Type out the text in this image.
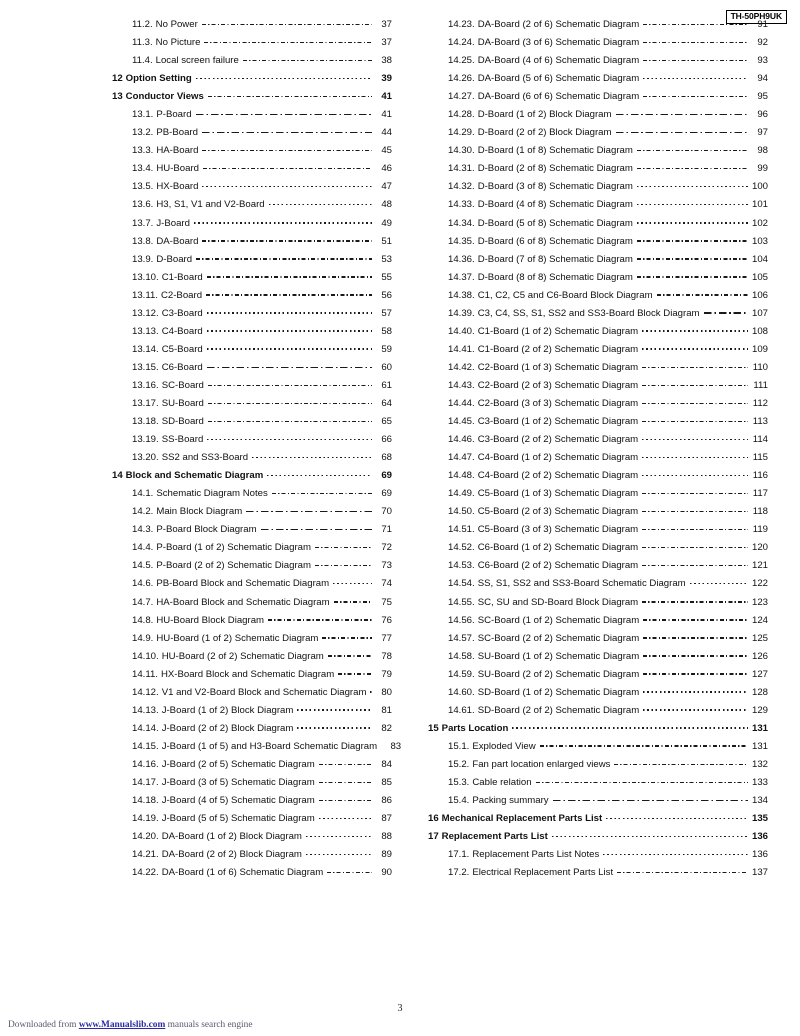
TH-50PH9UK
11.2. No Power	37
11.3. No Picture	37
11.4. Local screen failure	38
12 Option Setting	39
13 Conductor Views	41
13.1. P-Board	41
13.2. PB-Board	44
13.3. HA-Board	45
13.4. HU-Board	46
13.5. HX-Board	47
13.6. H3, S1, V1 and V2-Board	48
13.7. J-Board	49
13.8. DA-Board	51
13.9. D-Board	53
13.10. C1-Board	55
13.11. C2-Board	56
13.12. C3-Board	57
13.13. C4-Board	58
13.14. C5-Board	59
13.15. C6-Board	60
13.16. SC-Board	61
13.17. SU-Board	64
13.18. SD-Board	65
13.19. SS-Board	66
13.20. SS2 and SS3-Board	68
14 Block and Schematic Diagram	69
14.1. Schematic Diagram Notes	69
14.2. Main Block Diagram	70
14.3. P-Board Block Diagram	71
14.4. P-Board (1 of 2) Schematic Diagram	72
14.5. P-Board (2 of 2) Schematic Diagram	73
14.6. PB-Board Block and Schematic Diagram	74
14.7. HA-Board Block and Schematic Diagram	75
14.8. HU-Board Block Diagram	76
14.9. HU-Board (1 of 2) Schematic Diagram	77
14.10. HU-Board (2 of 2) Schematic Diagram	78
14.11. HX-Board Block and Schematic Diagram	79
14.12. V1 and V2-Board Block and Schematic Diagram	80
14.13. J-Board (1 of 2) Block Diagram	81
14.14. J-Board (2 of 2) Block Diagram	82
14.15. J-Board (1 of 5) and H3-Board Schematic Diagram	83
14.16. J-Board (2 of 5) Schematic Diagram	84
14.17. J-Board (3 of 5) Schematic Diagram	85
14.18. J-Board (4 of 5) Schematic Diagram	86
14.19. J-Board (5 of 5) Schematic Diagram	87
14.20. DA-Board (1 of 2) Block Diagram	88
14.21. DA-Board (2 of 2) Block Diagram	89
14.22. DA-Board (1 of 6) Schematic Diagram	90
14.23. DA-Board (2 of 6) Schematic Diagram	91
14.24. DA-Board (3 of 6) Schematic Diagram	92
14.25. DA-Board (4 of 6) Schematic Diagram	93
14.26. DA-Board (5 of 6) Schematic Diagram	94
14.27. DA-Board (6 of 6) Schematic Diagram	95
14.28. D-Board (1 of 2) Block Diagram	96
14.29. D-Board (2 of 2) Block Diagram	97
14.30. D-Board (1 of 8) Schematic Diagram	98
14.31. D-Board (2 of 8) Schematic Diagram	99
14.32. D-Board (3 of 8) Schematic Diagram	100
14.33. D-Board (4 of 8) Schematic Diagram	101
14.34. D-Board (5 of 8) Schematic Diagram	102
14.35. D-Board (6 of 8) Schematic Diagram	103
14.36. D-Board (7 of 8) Schematic Diagram	104
14.37. D-Board (8 of 8) Schematic Diagram	105
14.38. C1, C2, C5 and C6-Board Block Diagram	106
14.39. C3, C4, SS, S1, SS2 and SS3-Board Block Diagram	107
14.40. C1-Board (1 of 2) Schematic Diagram	108
14.41. C1-Board (2 of 2) Schematic Diagram	109
14.42. C2-Board (1 of 3) Schematic Diagram	110
14.43. C2-Board (2 of 3) Schematic Diagram	111
14.44. C2-Board (3 of 3) Schematic Diagram	112
14.45. C3-Board (1 of 2) Schematic Diagram	113
14.46. C3-Board (2 of 2) Schematic Diagram	114
14.47. C4-Board (1 of 2) Schematic Diagram	115
14.48. C4-Board (2 of 2) Schematic Diagram	116
14.49. C5-Board (1 of 3) Schematic Diagram	117
14.50. C5-Board (2 of 3) Schematic Diagram	118
14.51. C5-Board (3 of 3) Schematic Diagram	119
14.52. C6-Board (1 of 2) Schematic Diagram	120
14.53. C6-Board (2 of 2) Schematic Diagram	121
14.54. SS, S1, SS2 and SS3-Board Schematic Diagram	122
14.55. SC, SU and SD-Board Block Diagram	123
14.56. SC-Board (1 of 2) Schematic Diagram	124
14.57. SC-Board (2 of 2) Schematic Diagram	125
14.58. SU-Board (1 of 2) Schematic Diagram	126
14.59. SU-Board (2 of 2) Schematic Diagram	127
14.60. SD-Board (1 of 2) Schematic Diagram	128
14.61. SD-Board (2 of 2) Schematic Diagram	129
15 Parts Location	131
15.1. Exploded View	131
15.2. Fan part location enlarged views	132
15.3. Cable relation	133
15.4. Packing summary	134
16 Mechanical Replacement Parts List	135
17 Replacement Parts List	136
17.1. Replacement Parts List Notes	136
17.2. Electrical Replacement Parts List	137
3
Downloaded from www.Manualslib.com manuals search engine
